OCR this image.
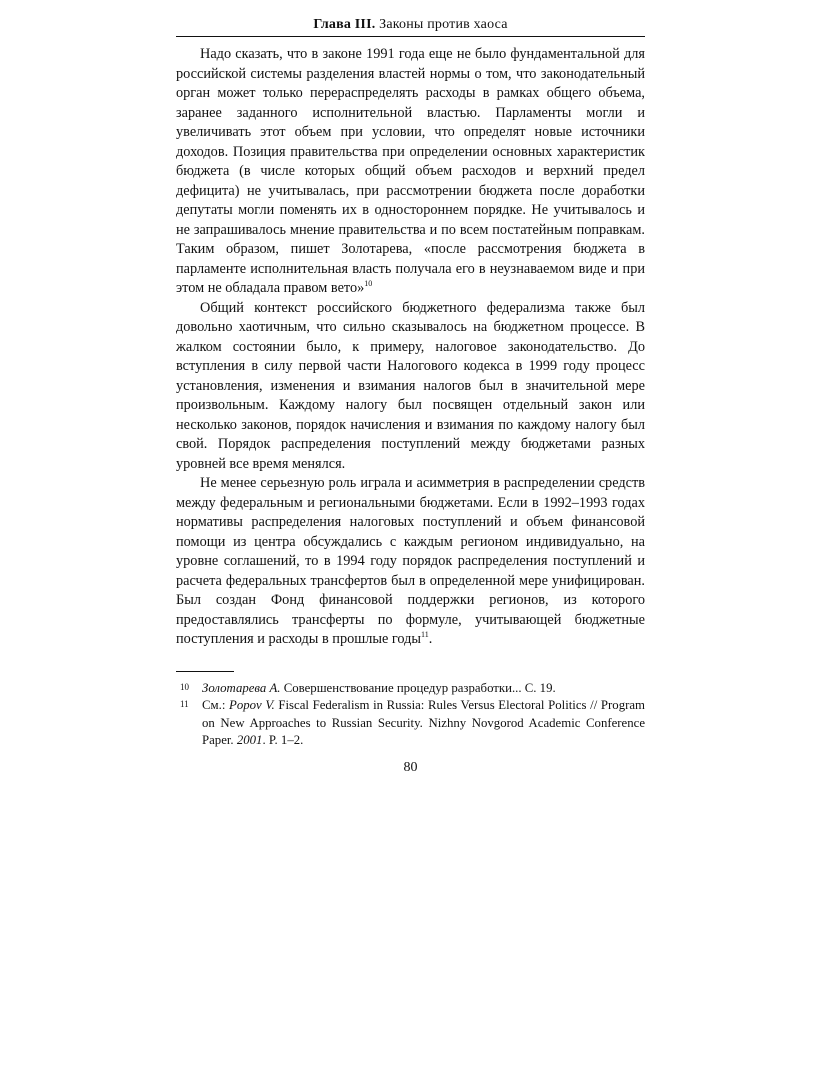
Глава III. Законы против хаоса

Надо сказать, что в законе 1991 года еще не было фундаментальной для российской системы разделения властей нормы о том, что законодательный орган может только перераспределять расходы в рамках общего объема, заранее заданного исполнительной властью. Парламенты могли и увеличивать этот объем при условии, что определят новые источники доходов. Позиция правительства при определении основных характеристик бюджета (в числе которых общий объем расходов и верхний предел дефицита) не учитывалась, при рассмотрении бюджета после доработки депутаты могли поменять их в одностороннем порядке. Не учитывалось и не запрашивалось мнение правительства и по всем постатейным поправкам. Таким образом, пишет Золотарева, «после рассмотрения бюджета в парламенте исполнительная власть получала его в неузнаваемом виде и при этом не обладала правом вето»$^{10}$

Общий контекст российского бюджетного федерализма также был довольно хаотичным, что сильно сказывалось на бюджетном процессе. В жалком состоянии было, к примеру, налоговое законодательство. До вступления в силу первой части Налогового кодекса в 1999 году процесс установления, изменения и взимания налогов был в значительной мере произвольным. Каждому налогу был посвящен отдельный закон или несколько законов, порядок начисления и взимания по каждому налогу был свой. Порядок распределения поступлений между бюджетами разных уровней все время менялся.

Не менее серьезную роль играла и асимметрия в распределении средств между федеральным и региональными бюджетами. Если в 1992–1993 годах нормативы распределения налоговых поступлений и объем финансовой помощи из центра обсуждались с каждым регионом индивидуально, на уровне соглашений, то в 1994 году порядок распределения поступлений и расчета федеральных трансфертов был в определенной мере унифицирован. Был создан Фонд финансовой поддержки регионов, из которого предоставлялись трансферты по формуле, учитывающей бюджетные поступления и расходы в прошлые годы$^{11}$.

10 Золотарева А. Совершенствование процедур разработки... С. 19.
11 См.: Popov V. Fiscal Federalism in Russia: Rules Versus Electoral Politics // Program on New Approaches to Russian Security. Nizhny Novgorod Academic Conference Paper. 2001. P. 1–2.
80
